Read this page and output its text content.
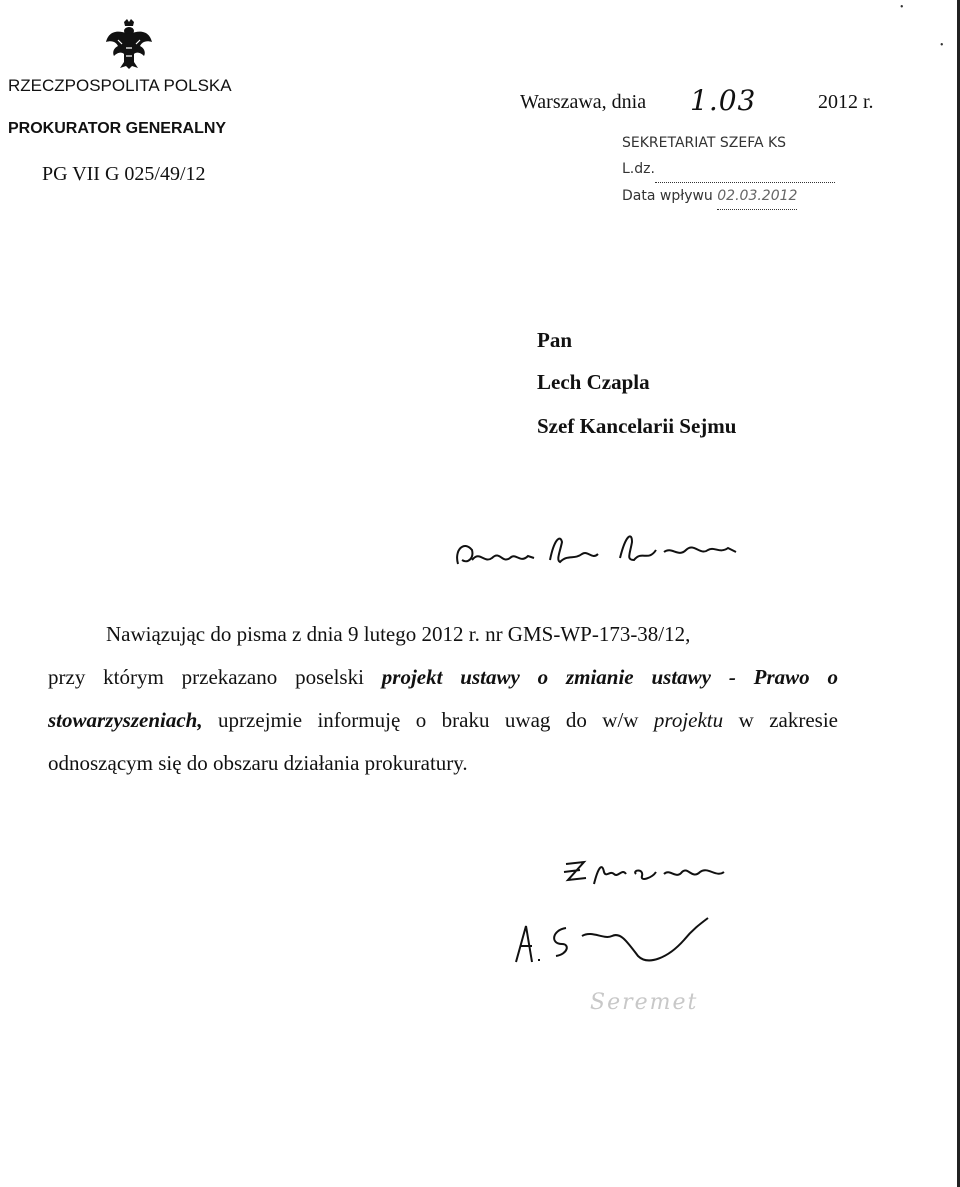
•
•
RZECZPOSPOLITA POLSKA
PROKURATOR GENERALNY
PG VII G 025/49/12
Warszawa, dnia 1.03	2012 r.
SEKRETARIAT SZEFA KS
L.dz.
Data wpływu 02.03.2012
Pan
Lech Czapla
Szef Kancelarii Sejmu

Nawiązując do pisma z dnia 9 lutego 2012 r. nr GMS-WP-173-38/12,

przy którym przekazano poselski projekt ustawy o zmianie ustawy - Prawo o stowarzyszeniach, uprzejmie informuję o braku uwag do w/w projektu w zakresie odnoszącym się do obszaru działania prokuratury.

Seremet
